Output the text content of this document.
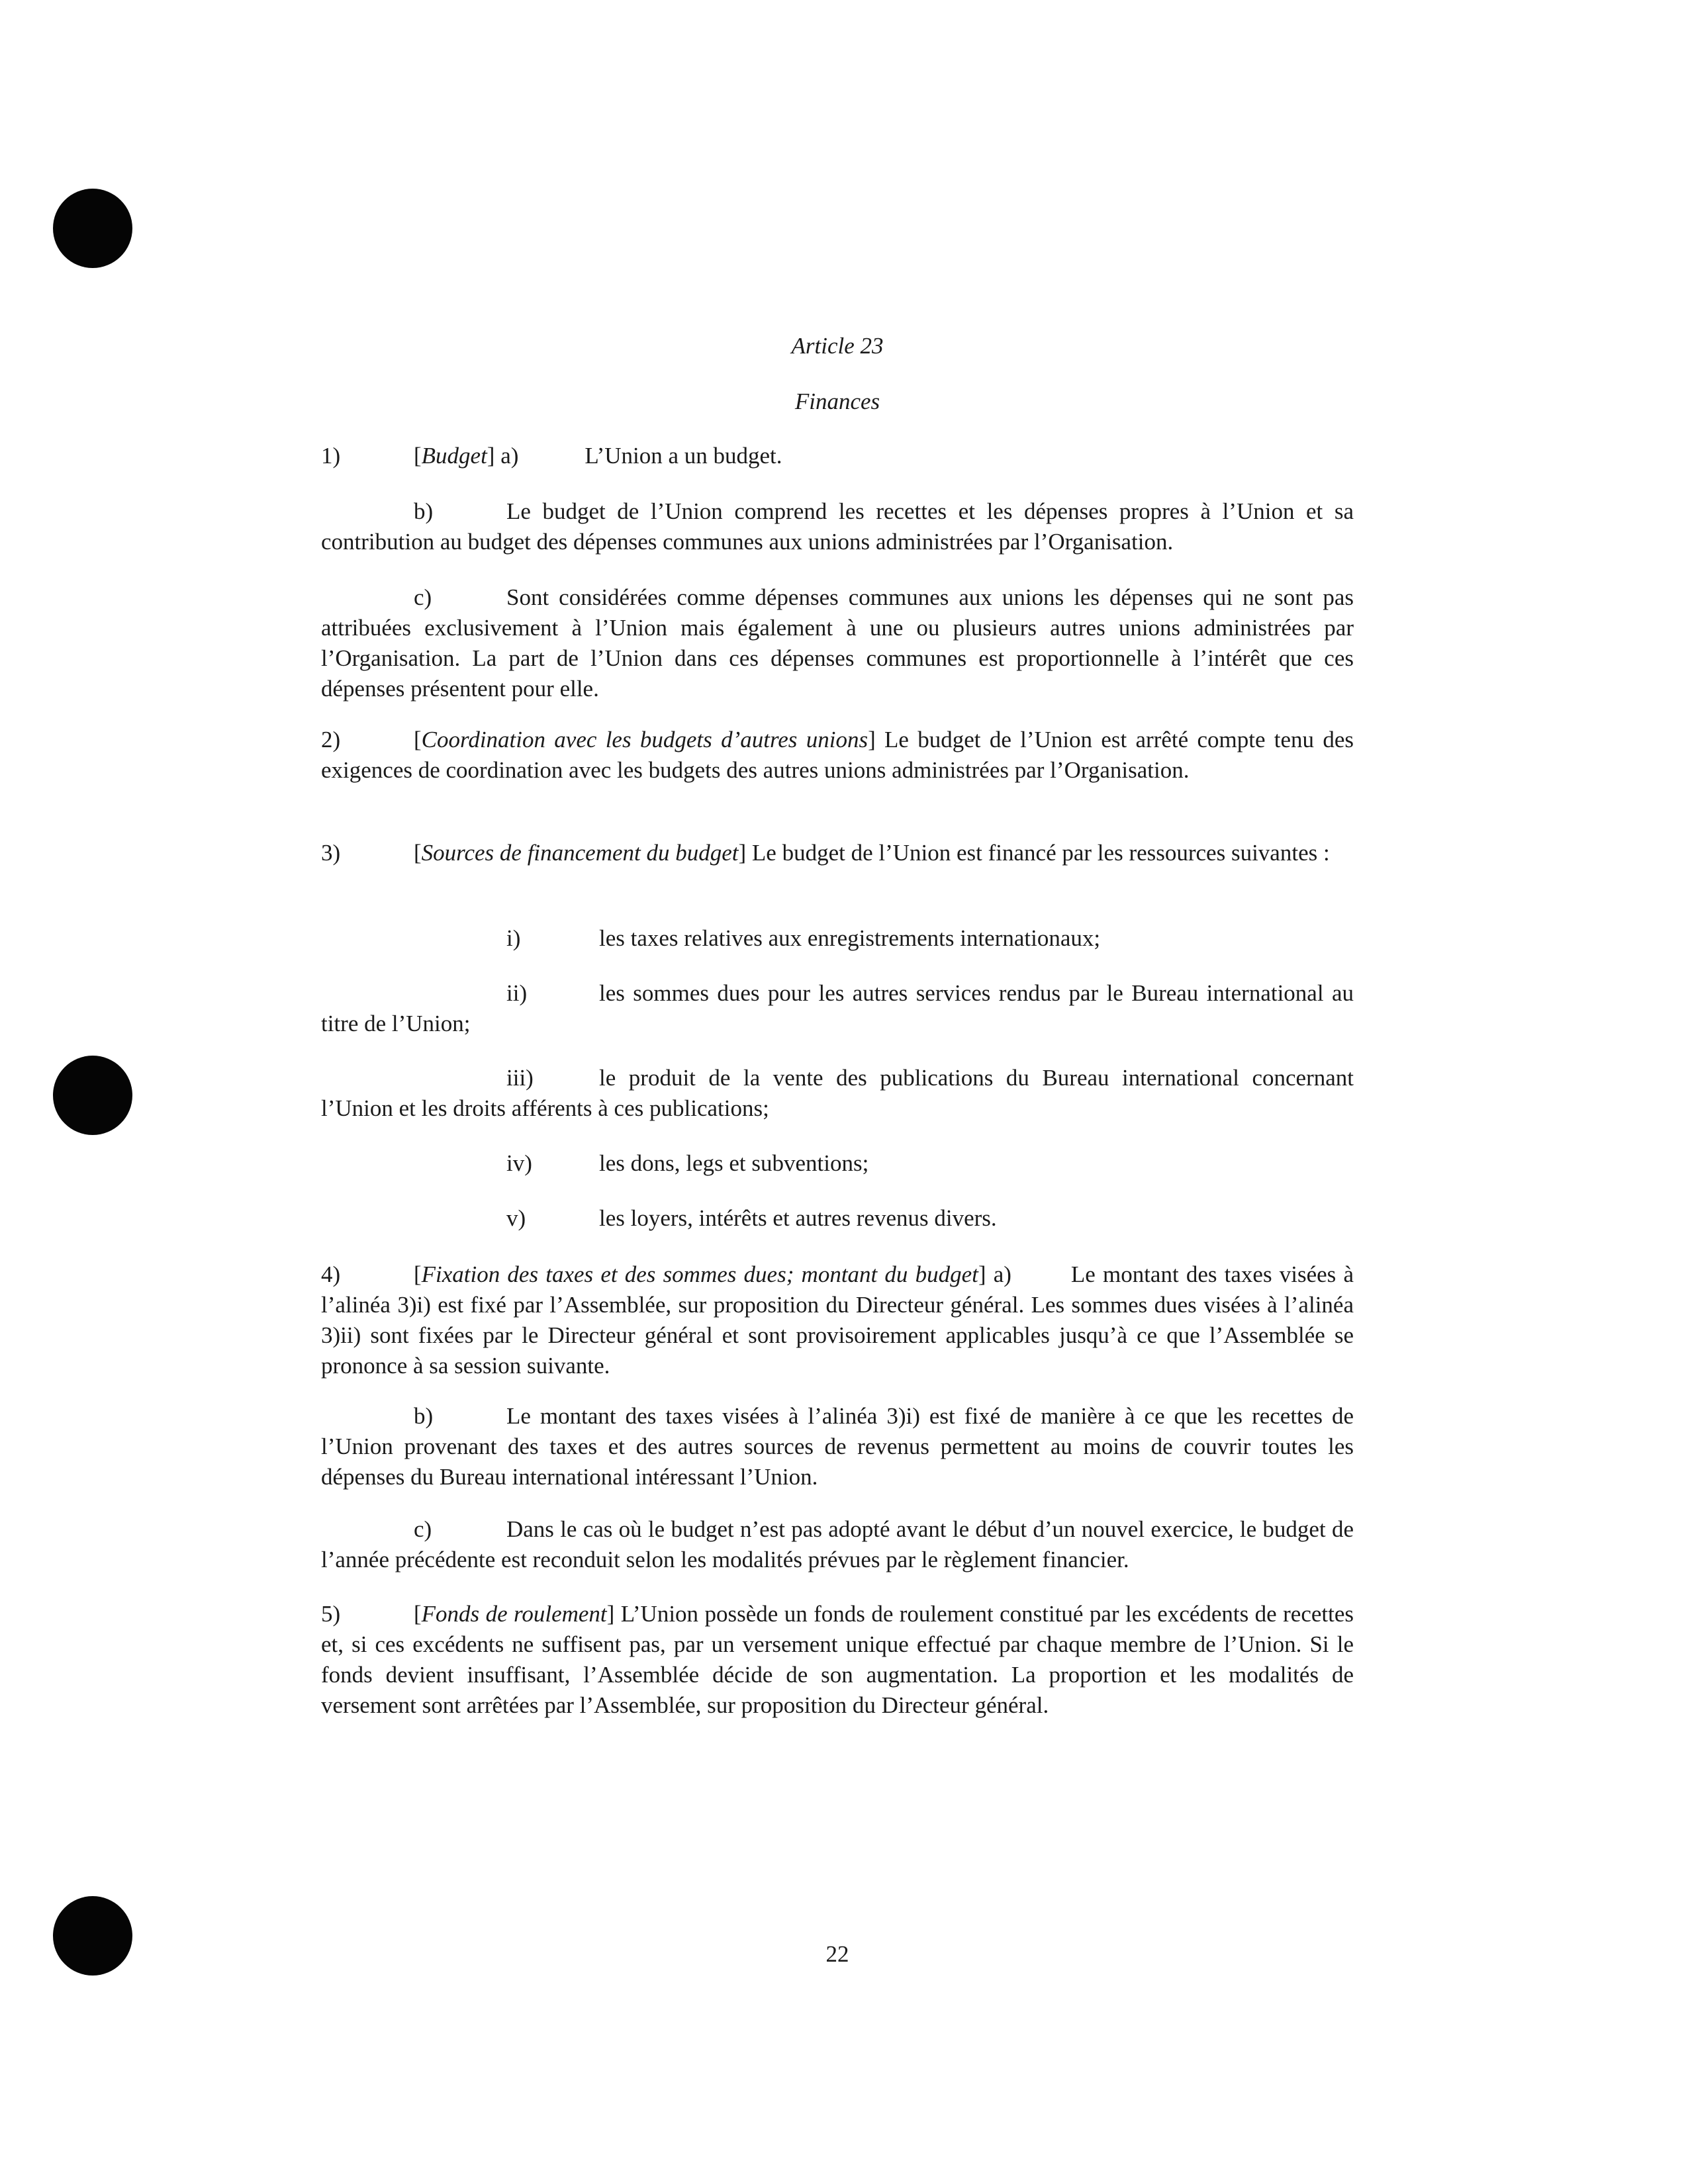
Article 23
Finances
1)	[Budget] a)	L’Union a un budget.
b)	Le budget de l’Union comprend les recettes et les dépenses propres à l’Union et sa contribution au budget des dépenses communes aux unions administrées par l’Organisation.
c)	Sont considérées comme dépenses communes aux unions les dépenses qui ne sont pas attribuées exclusivement à l’Union mais également à une ou plusieurs autres unions administrées par l’Organisation. La part de l’Union dans ces dépenses communes est proportionnelle à l’intérêt que ces dépenses présentent pour elle.
2)	[Coordination avec les budgets d’autres unions] Le budget de l’Union est arrêté compte tenu des exigences de coordination avec les budgets des autres unions administrées par l’Organisation.
3)	[Sources de financement du budget] Le budget de l’Union est financé par les ressources suivantes :
i)	les taxes relatives aux enregistrements internationaux;
ii)	les sommes dues pour les autres services rendus par le Bureau international au titre de l’Union;
iii)	le produit de la vente des publications du Bureau international concernant l’Union et les droits afférents à ces publications;
iv)	les dons, legs et subventions;
v)	les loyers, intérêts et autres revenus divers.
4)	[Fixation des taxes et des sommes dues; montant du budget] a)	Le montant des taxes visées à l’alinéa 3)i) est fixé par l’Assemblée, sur proposition du Directeur général. Les sommes dues visées à l’alinéa 3)ii) sont fixées par le Directeur général et sont provisoirement applicables jusqu’à ce que l’Assemblée se prononce à sa session suivante.
b)	Le montant des taxes visées à l’alinéa 3)i) est fixé de manière à ce que les recettes de l’Union provenant des taxes et des autres sources de revenus permettent au moins de couvrir toutes les dépenses du Bureau international intéressant l’Union.
c)	Dans le cas où le budget n’est pas adopté avant le début d’un nouvel exercice, le budget de l’année précédente est reconduit selon les modalités prévues par le règlement financier.
5)	[Fonds de roulement] L’Union possède un fonds de roulement constitué par les excédents de recettes et, si ces excédents ne suffisent pas, par un versement unique effectué par chaque membre de l’Union. Si le fonds devient insuffisant, l’Assemblée décide de son augmentation. La proportion et les modalités de versement sont arrêtées par l’Assemblée, sur proposition du Directeur général.
22
